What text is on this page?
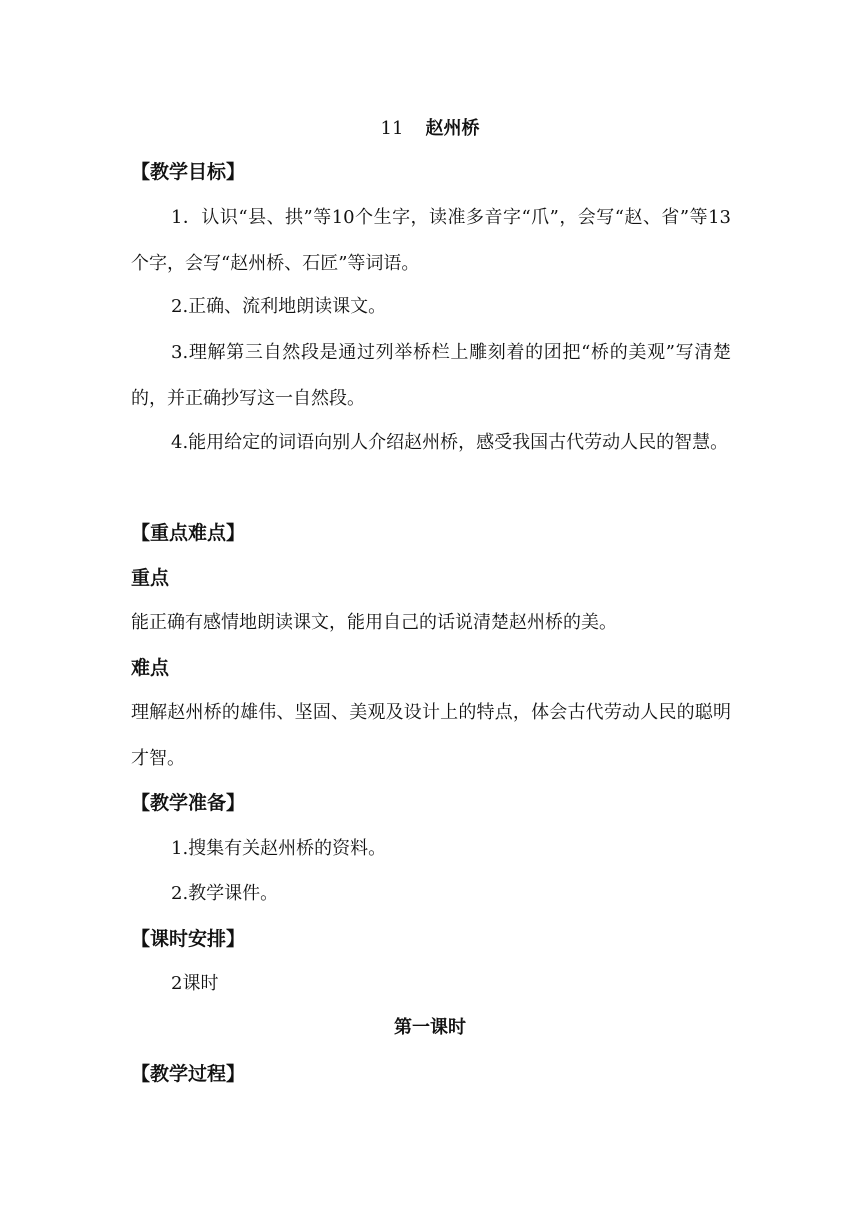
11 赵州桥
【教学目标】
1．认识“县、拱”等10个生字，读准多音字“爪”，会写“赵、省”等13个字，会写“赵州桥、石匠”等词语。
2.正确、流利地朗读课文。
3.理解第三自然段是通过列举桥栏上雕刻着的团把“桥的美观”写清楚的，并正确抄写这一自然段。
4.能用给定的词语向别人介绍赵州桥，感受我国古代劳动人民的智慧。
【重点难点】
重点
能正确有感情地朗读课文，能用自己的话说清楚赵州桥的美。
难点
理解赵州桥的雄伟、坚固、美观及设计上的特点，体会古代劳动人民的聪明才智。
【教学准备】
1.搜集有关赵州桥的资料。
2.教学课件。
【课时安排】
2课时
第一课时
【教学过程】
